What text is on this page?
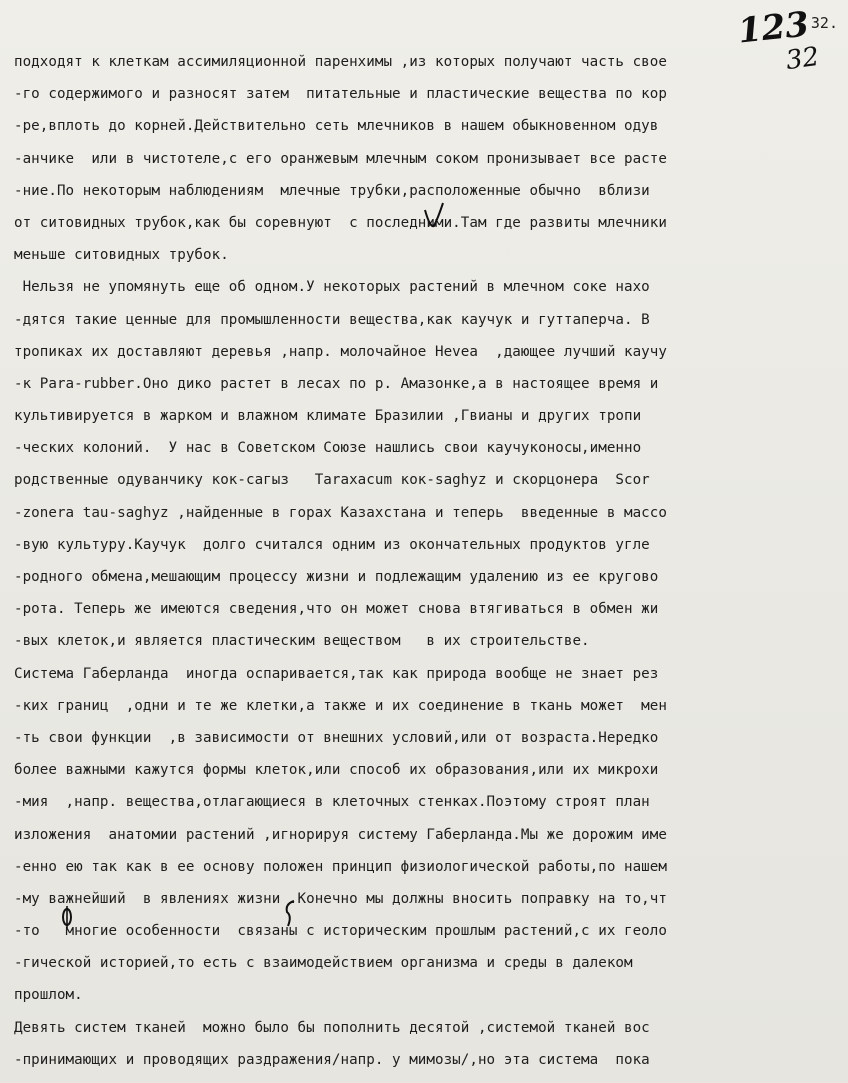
32.
123
32
подходят к клеткам ассимиляционной паренхимы ,из которых получают часть свое
-го содержимого и разносят затем  питательные и пластические вещества по кор
-ре,вплоть до корней.Действительно сеть млечников в нашем обыкновенном одув
-анчике  или в чистотеле,с его оранжевым млечным соком пронизывает все расте
-ние.По некоторым наблюдениям  млечные трубки,расположенные обычно  вблизи
от ситовидных трубок,как бы соревнуют  с последними.Там где развиты млечники
меньше ситовидных трубок.
Нельзя не упомянуть еще об одном.У некоторых растений в млечном соке нахо
-дятся такие ценные для промышленности вещества,как каучук и гуттаперча. В
тропиках их доставляют деревья ,напр. молочайное Hevea  ,дающее лучший каучу
-к Para-rubber.Оно дико растет в лесах по р. Амазонке,а в настоящее время и
культивируется в жарком и влажном климате Бразилии ,Гвианы и других тропи
-ческих колоний.  У нас в Советском Союзе нашлись свои каучуконосы,именно
родственные одуванчику кок-сагыз   Taraxacum кок-saghyz и скорцонера  Scor
-zonera tau-saghyz ,найденные в горах Казахстана и теперь  введенные в массо
-вую культуру.Каучук  долго считался одним из окончательных продуктов угле
-родного обмена,мешающим процессу жизни и подлежащим удалению из ее кругово
-рота. Теперь же имеются сведения,что он может снова втягиваться в обмен жи
-вых клеток,и является пластическим веществом   в их строительстве.
Система Габерланда  иногда оспаривается,так как природа вообще не знает рез
-ких границ  ,одни и те же клетки,а также и их соединение в ткань может  мен
-ть свои функции  ,в зависимости от внешних условий,или от возраста.Нередко
более важными кажутся формы клеток,или способ их образования,или их микрохи
-мия  ,напр. вещества,отлагающиеся в клеточных стенках.Поэтому строят план
изложения  анатомии растений ,игнорируя систему Габерланда.Мы же дорожим име
-енно ею так как в ее основу положен принцип физиологической работы,по нашем
-му важнейший  в явлениях жизни .Конечно мы должны вносить поправку на то,чт
-то   многие особенности  связаны с историческим прошлым растений,с их геоло
-гической историей,то есть с взаимодействием организма и среды в далеком
прошлом.
Девять систем тканей  можно было бы пополнить десятой ,системой тканей вос
-принимающих и проводящих раздражения/напр. у мимозы/,но эта система  пока
